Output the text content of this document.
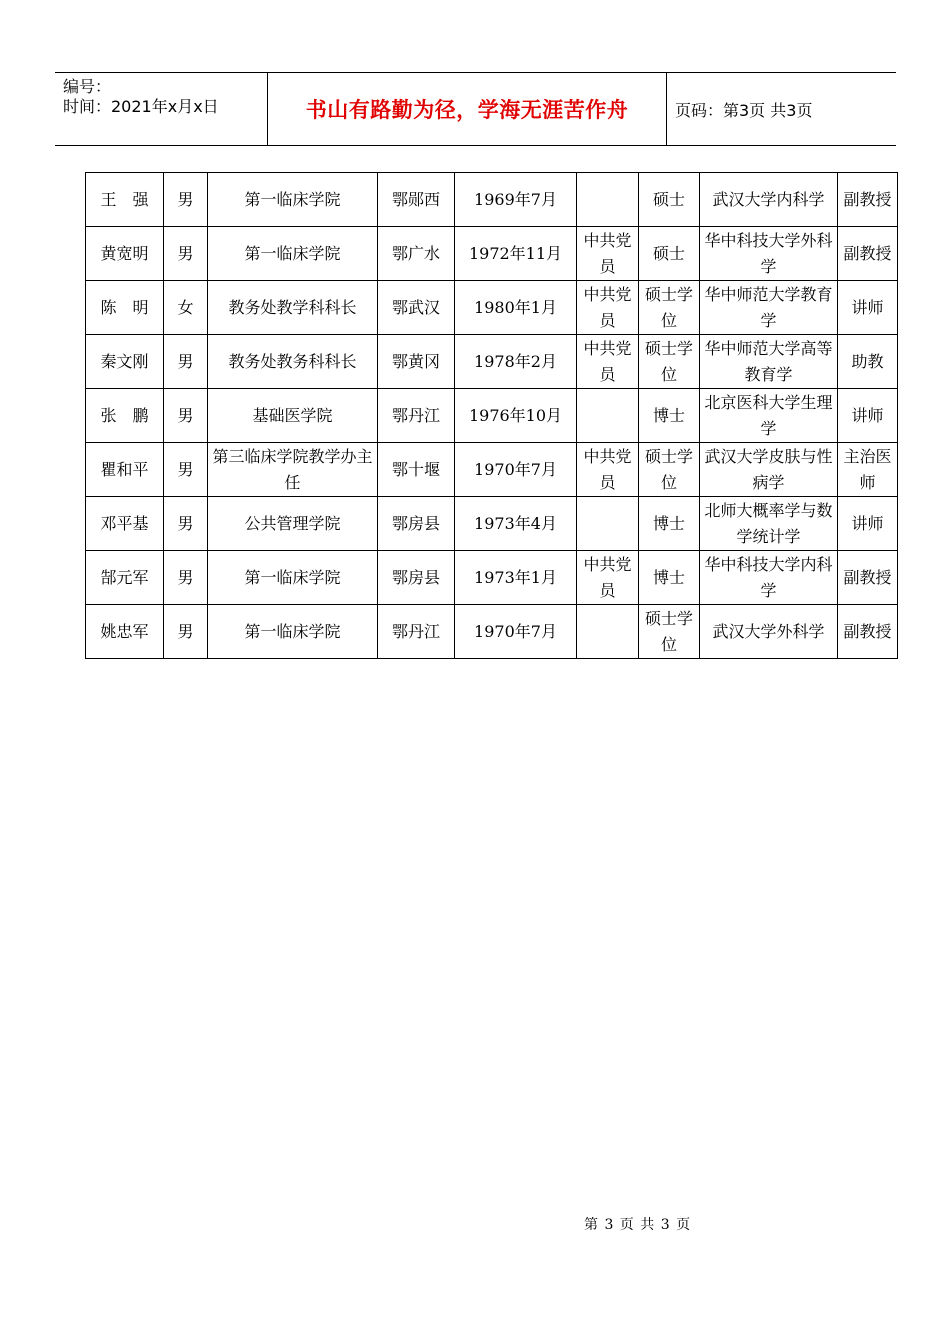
编号：
时间：2021年x月x日	书山有路勤为径，学海无涯苦作舟	页码：第3页 共3页
王　强	男	第一临床学院	鄂郧西	1969年7月		硕士	武汉大学内科学	副教授
黄宽明	男	第一临床学院	鄂广水	1972年11月	中共党员	硕士	华中科技大学外科学	副教授
陈　明	女	教务处教学科科长	鄂武汉	1980年1月	中共党员	硕士学位	华中师范大学教育学	讲师
秦文刚	男	教务处教务科科长	鄂黄冈	1978年2月	中共党员	硕士学位	华中师范大学高等教育学	助教
张　鹏	男	基础医学院	鄂丹江	1976年10月		博士	北京医科大学生理学	讲师
瞿和平	男	第三临床学院教学办主任	鄂十堰	1970年7月	中共党员	硕士学位	武汉大学皮肤与性病学	主治医师
邓平基	男	公共管理学院	鄂房县	1973年4月		博士	北师大概率学与数学统计学	讲师
郜元军	男	第一临床学院	鄂房县	1973年1月	中共党员	博士	华中科技大学内科学	副教授
姚忠军	男	第一临床学院	鄂丹江	1970年7月		硕士学位	武汉大学外科学	副教授
第 3 页 共 3 页
